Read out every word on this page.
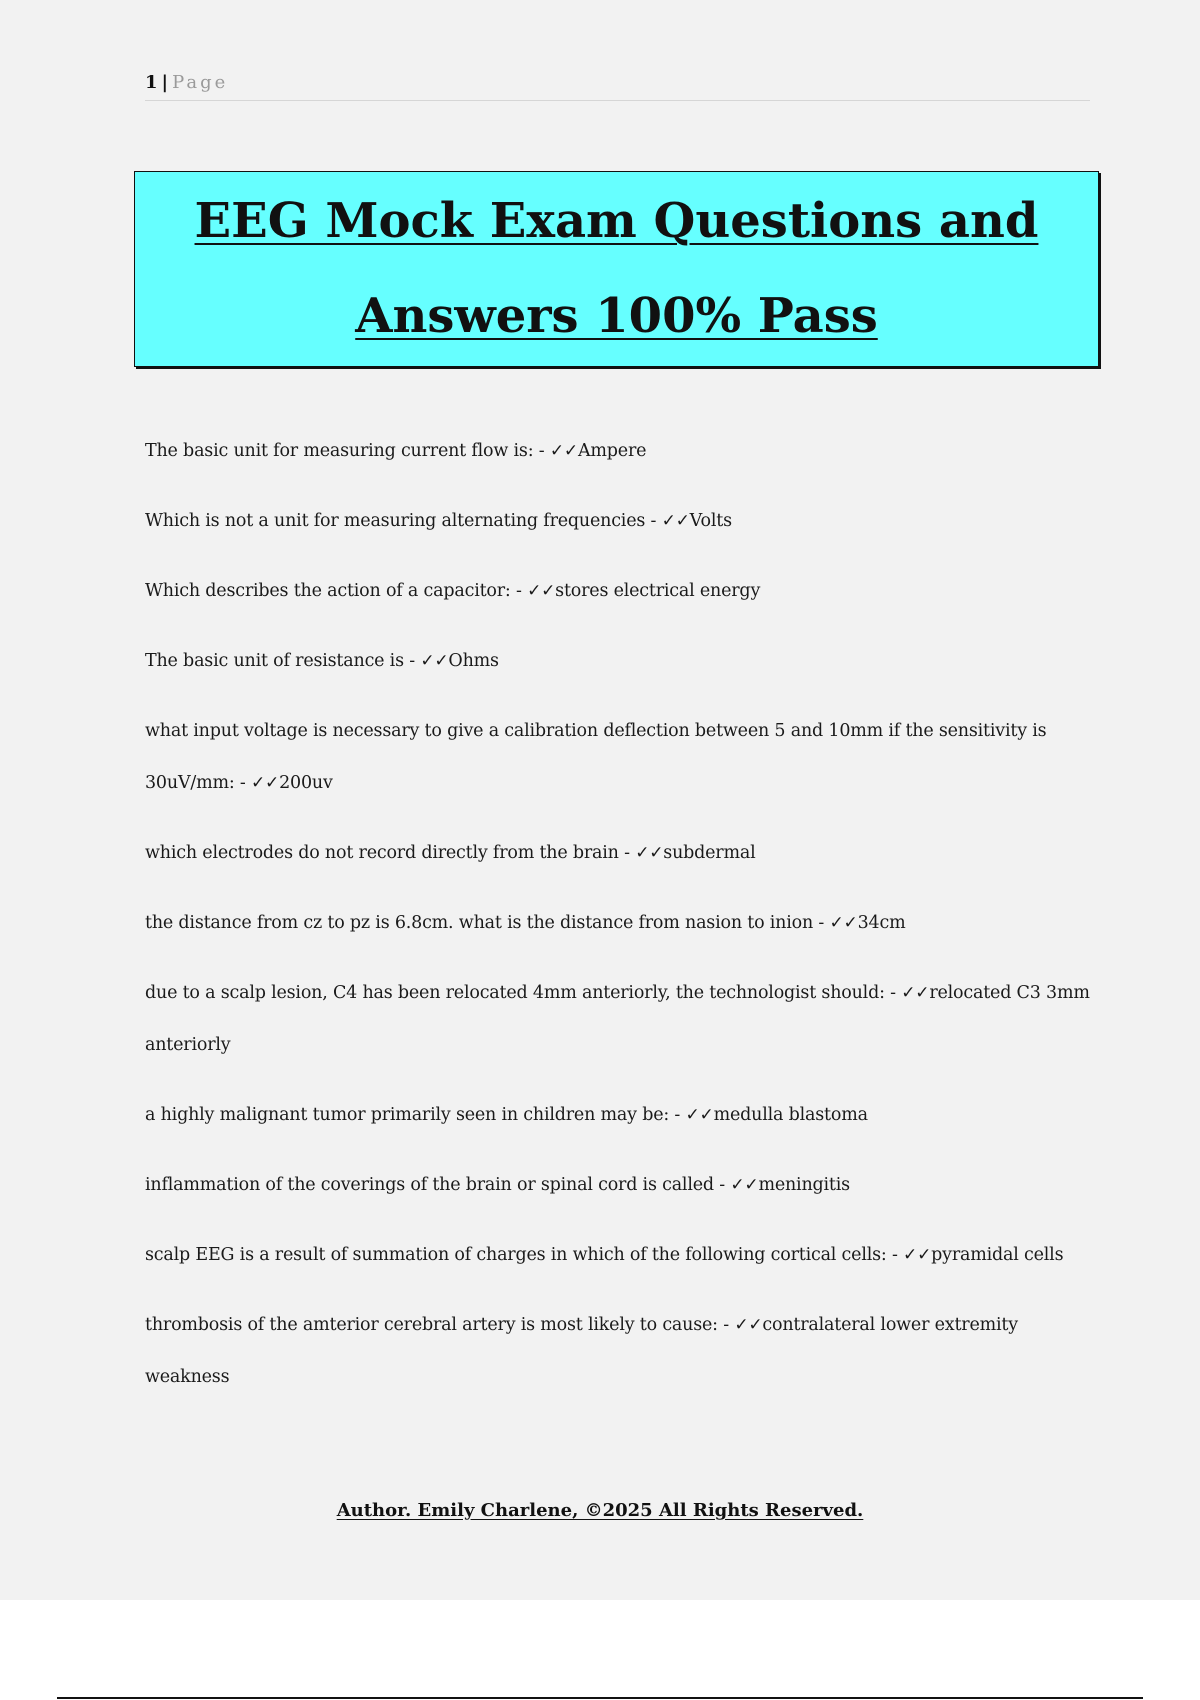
1 | Page
EEG Mock Exam Questions and
Answers 100% Pass
The basic unit for measuring current flow is: - ✓✓Ampere
Which is not a unit for measuring alternating frequencies - ✓✓Volts
Which describes the action of a capacitor: - ✓✓stores electrical energy
The basic unit of resistance is - ✓✓Ohms
what input voltage is necessary to give a calibration deflection between 5 and 10mm if the sensitivity is 30uV/mm: - ✓✓200uv
which electrodes do not record directly from the brain - ✓✓subdermal
the distance from cz to pz is 6.8cm. what is the distance from nasion to inion - ✓✓34cm
due to a scalp lesion, C4 has been relocated 4mm anteriorly, the technologist should: - ✓✓relocated C3 3mm anteriorly
a highly malignant tumor primarily seen in children may be: - ✓✓medulla blastoma
inflammation of the coverings of the brain or spinal cord is called - ✓✓meningitis
scalp EEG is a result of summation of charges in which of the following cortical cells: - ✓✓pyramidal cells
thrombosis of the amterior cerebral artery is most likely to cause: - ✓✓contralateral lower extremity weakness
Author. Emily Charlene, ©2025 All Rights Reserved.
